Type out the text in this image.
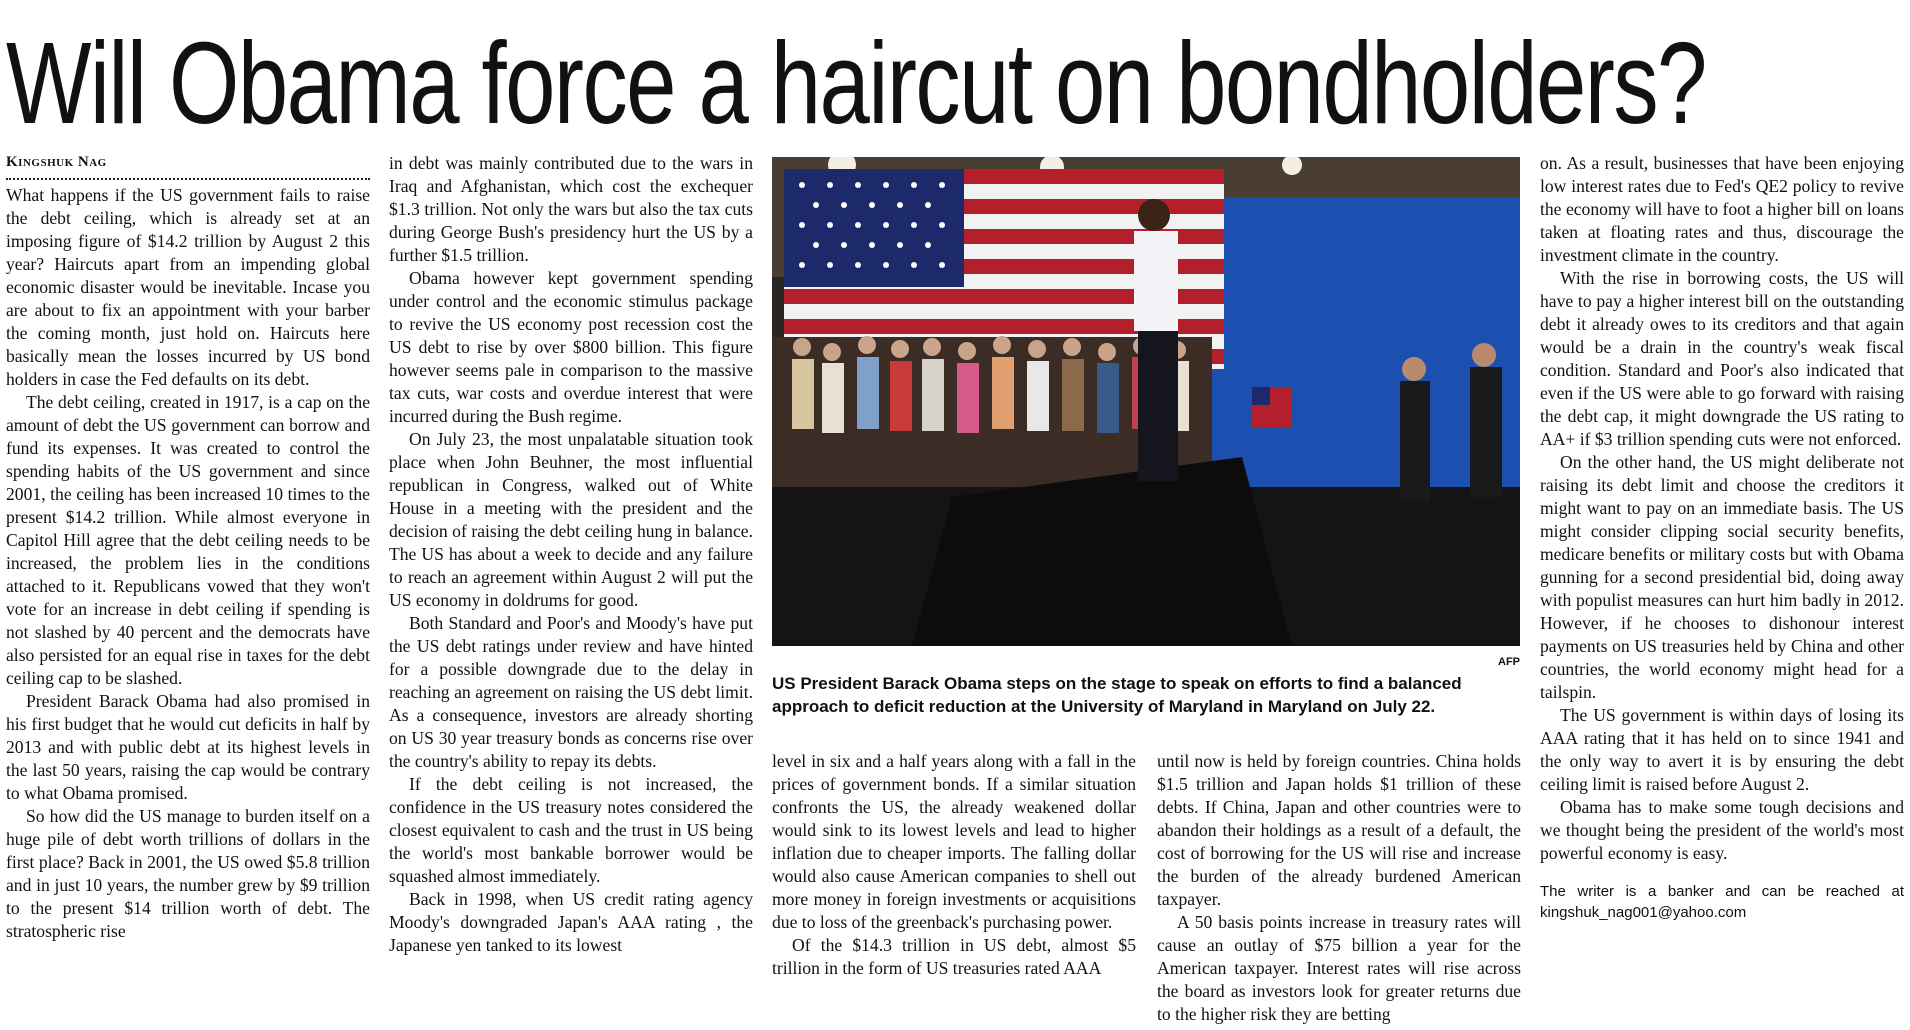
Will Obama force a haircut on bondholders?
Kingshuk Nag

What happens if the US government fails to raise the debt ceiling, which is already set at an imposing figure of $14.2 trillion by August 2 this year? Haircuts apart from an impending global economic disaster would be inevitable. Incase you are about to fix an appointment with your barber the coming month, just hold on. Haircuts here basically mean the losses incurred by US bond holders in case the Fed defaults on its debt.

The debt ceiling, created in 1917, is a cap on the amount of debt the US government can borrow and fund its expenses. It was created to control the spending habits of the US government and since 2001, the ceiling has been increased 10 times to the present $14.2 trillion. While almost everyone in Capitol Hill agree that the debt ceiling needs to be increased, the problem lies in the conditions attached to it. Republicans vowed that they won't vote for an increase in debt ceiling if spending is not slashed by 40 percent and the democrats have also persisted for an equal rise in taxes for the debt ceiling cap to be slashed.

President Barack Obama had also promised in his first budget that he would cut deficits in half by 2013 and with public debt at its highest levels in the last 50 years, raising the cap would be contrary to what Obama promised.

So how did the US manage to burden itself on a huge pile of debt worth trillions of dollars in the first place? Back in 2001, the US owed $5.8 trillion and in just 10 years, the number grew by $9 trillion to the present $14 trillion worth of debt. The stratospheric rise

in debt was mainly contributed due to the wars in Iraq and Afghanistan, which cost the exchequer $1.3 trillion. Not only the wars but also the tax cuts during George Bush's presidency hurt the US by a further $1.5 trillion.

Obama however kept government spending under control and the economic stimulus package to revive the US economy post recession cost the US debt to rise by over $800 billion. This figure however seems pale in comparison to the massive tax cuts, war costs and overdue interest that were incurred during the Bush regime.

On July 23, the most unpalatable situation took place when John Beuhner, the most influential republican in Congress, walked out of White House in a meeting with the president and the decision of raising the debt ceiling hung in balance. The US has about a week to decide and any failure to reach an agreement within August 2 will put the US economy in doldrums for good.

Both Standard and Poor's and Moody's have put the US debt ratings under review and have hinted for a possible downgrade due to the delay in reaching an agreement on raising the US debt limit. As a consequence, investors are already shorting on US 30 year treasury bonds as concerns rise over the country's ability to repay its debts.

If the debt ceiling is not increased, the confidence in the US treasury notes considered the closest equivalent to cash and the trust in US being the world's most bankable borrower would be squashed almost immediately.

Back in 1998, when US credit rating agency Moody's downgraded Japan's AAA rating , the Japanese yen tanked to its lowest

AFP
US President Barack Obama steps on the stage to speak on efforts to find a balanced approach to deficit reduction at the University of Maryland in Maryland on July 22.

level in six and a half years along with a fall in the prices of government bonds. If a similar situation confronts the US, the already weakened dollar would sink to its lowest levels and lead to higher inflation due to cheaper imports. The falling dollar would also cause American companies to shell out more money in foreign investments or acquisitions due to loss of the greenback's purchasing power.

Of the $14.3 trillion in US debt, almost $5 trillion in the form of US treasuries rated AAA

until now is held by foreign countries. China holds $1.5 trillion and Japan holds $1 trillion of these debts. If China, Japan and other countries were to abandon their holdings as a result of a default, the cost of borrowing for the US will rise and increase the burden of the already burdened American taxpayer.

A 50 basis points increase in treasury rates will cause an outlay of $75 billion a year for the American taxpayer. Interest rates will rise across the board as investors look for greater returns due to the higher risk they are betting

on. As a result, businesses that have been enjoying low interest rates due to Fed's QE2 policy to revive the economy will have to foot a higher bill on loans taken at floating rates and thus, discourage the investment climate in the country.

With the rise in borrowing costs, the US will have to pay a higher interest bill on the outstanding debt it already owes to its creditors and that again would be a drain in the country's weak fiscal condition. Standard and Poor's also indicated that even if the US were able to go forward with raising the debt cap, it might downgrade the US rating to AA+ if $3 trillion spending cuts were not enforced.

On the other hand, the US might deliberate not raising its debt limit and choose the creditors it might want to pay on an immediate basis. The US might consider clipping social security benefits, medicare benefits or military costs but with Obama gunning for a second presidential bid, doing away with populist measures can hurt him badly in 2012. However, if he chooses to dishonour interest payments on US treasuries held by China and other countries, the world economy might head for a tailspin.

The US government is within days of losing its AAA rating that it has held on to since 1941 and the only way to avert it is by ensuring the debt ceiling limit is raised before August 2.

Obama has to make some tough decisions and we thought being the president of the world's most powerful economy is easy.

The writer is a banker and can be reached at kingshuk_nag001@yahoo.com
